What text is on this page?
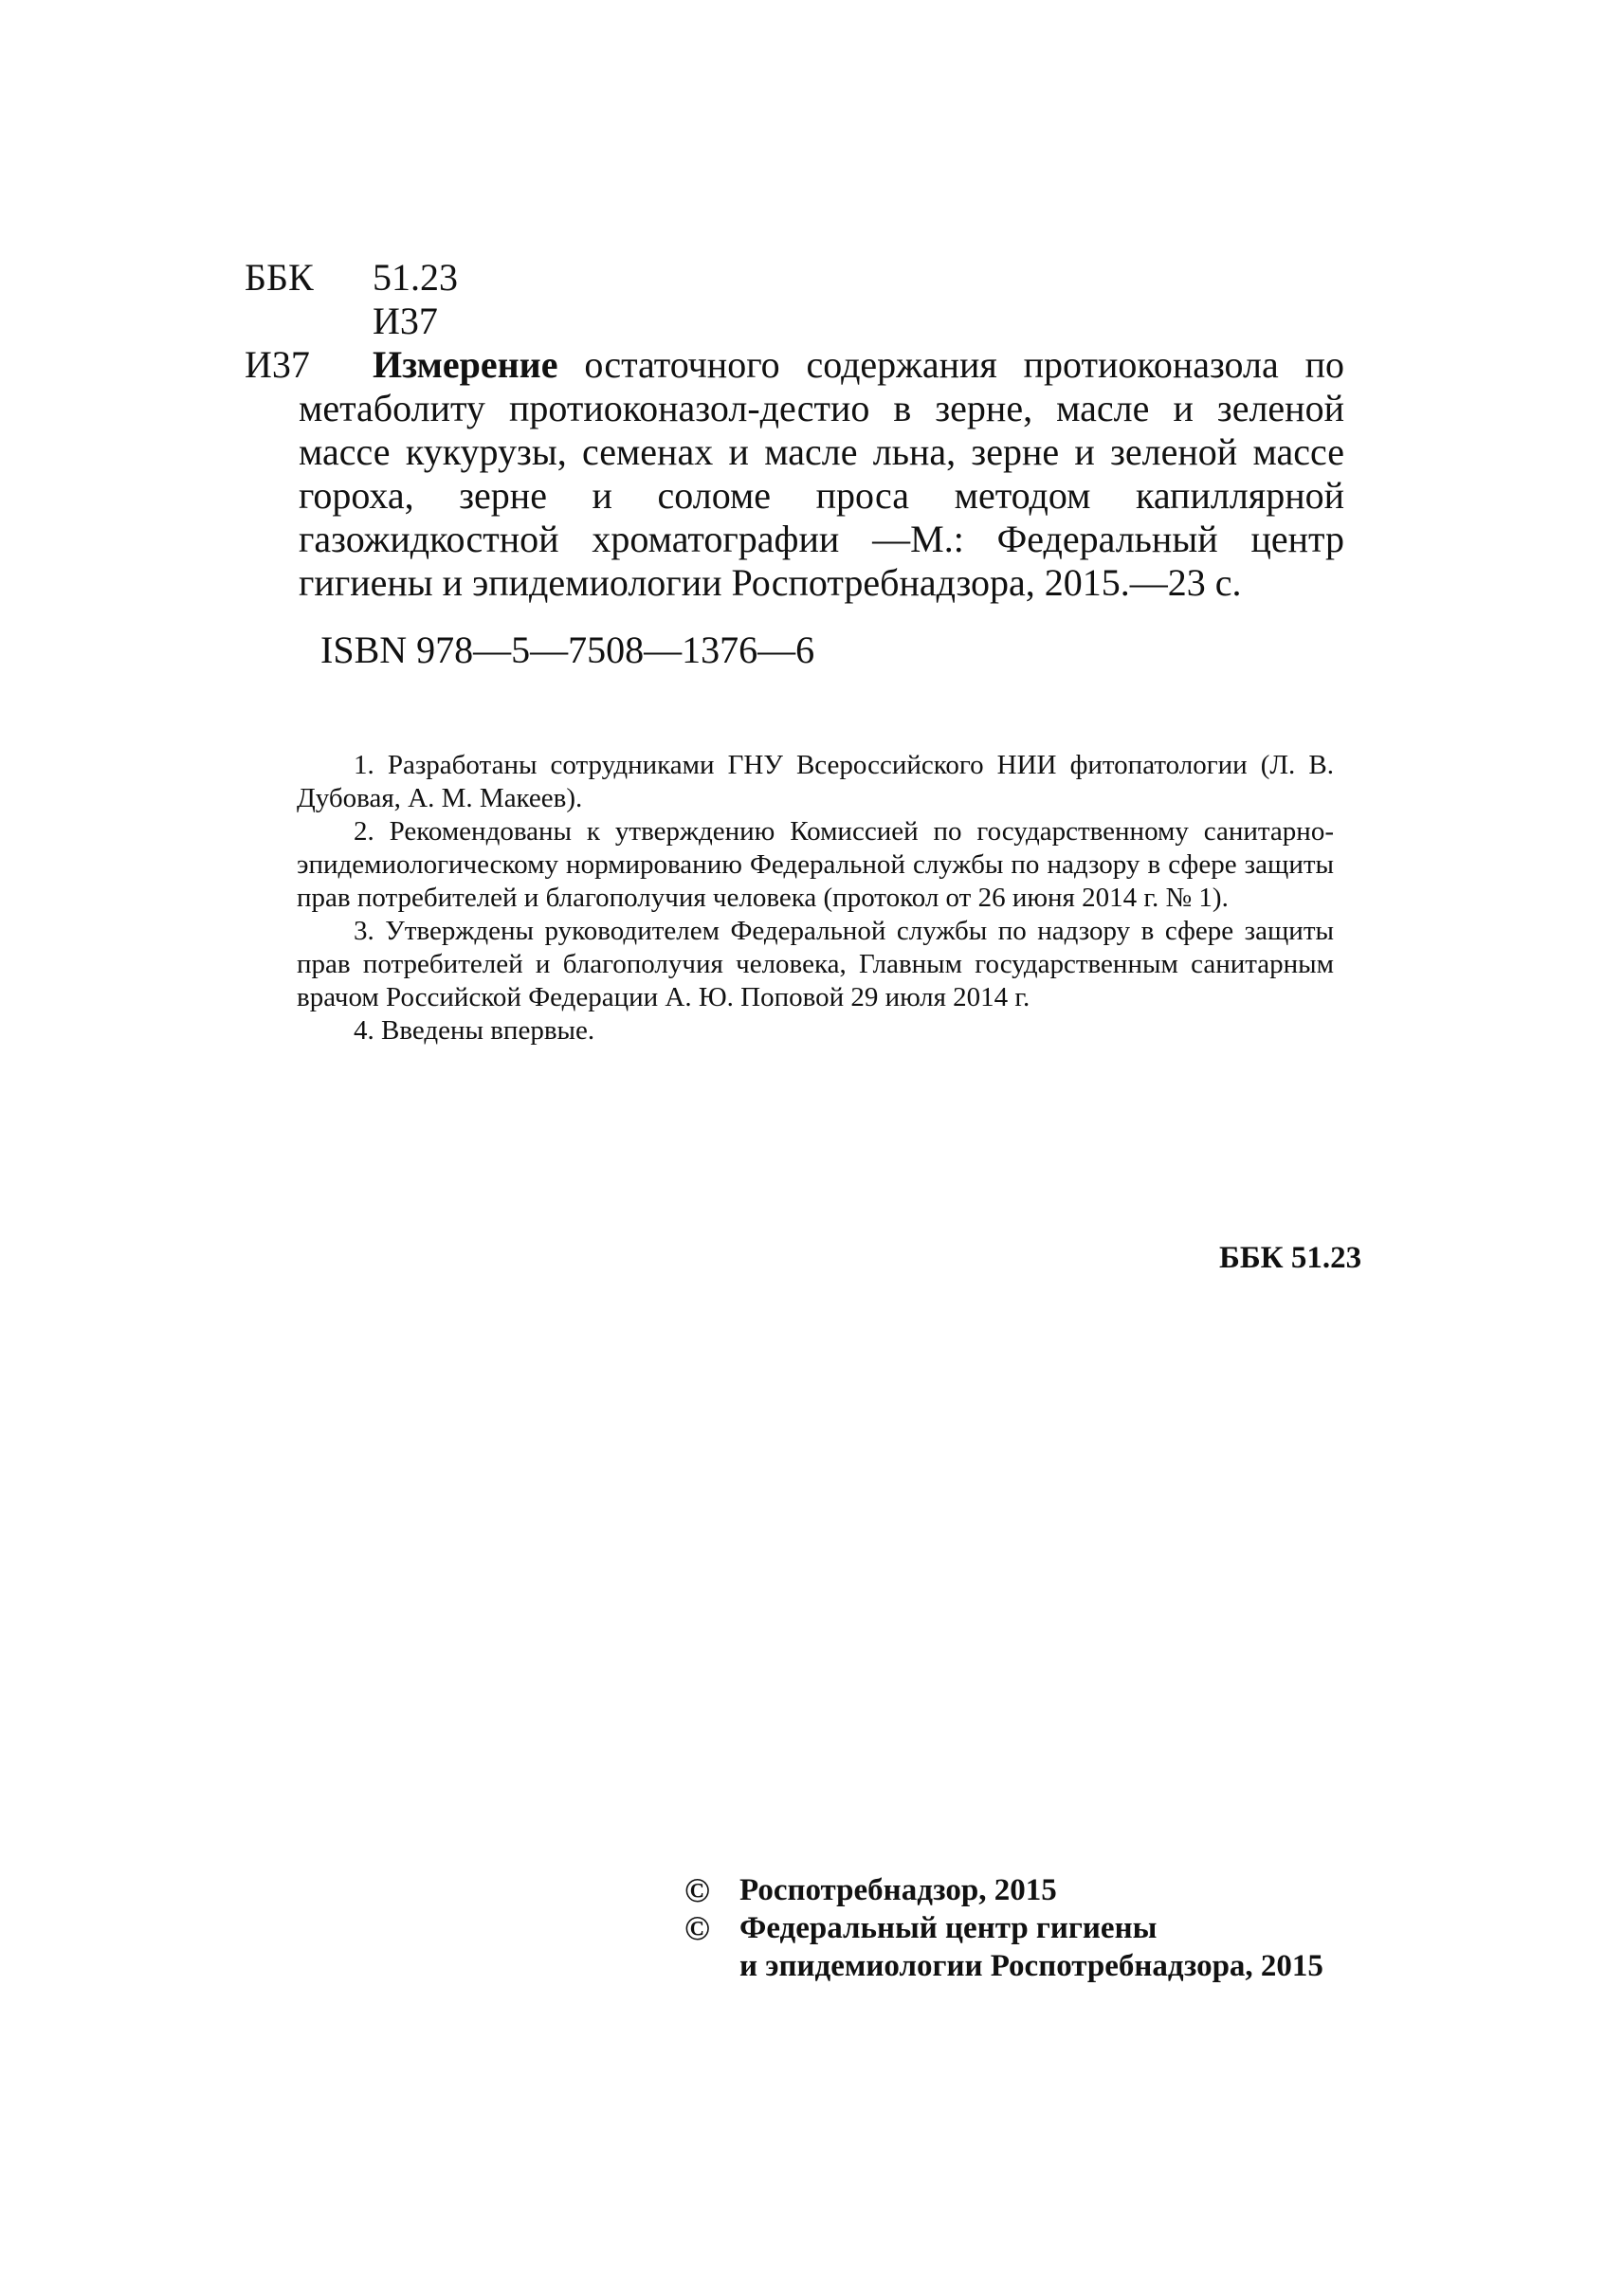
ББК 51.23
И37
И37	Измерение остаточного содержания протиоконазола по метаболиту протиоконазол-дестио в зерне, масле и зеленой массе кукурузы, семенах и масле льна, зерне и зеленой массе гороха, зерне и соломе проса методом капиллярной газожидкостной хроматографии —М.: Федеральный центр гигиены и эпидемиологии Роспотребнадзора, 2015.—23 с.
ISBN 978—5—7508—1376—6

1. Разработаны сотрудниками ГНУ Всероссийского НИИ фитопатологии (Л. В. Дубовая, А. М. Макеев).

2. Рекомендованы к утверждению Комиссией по государственному санитарно-эпидемиологическому нормированию Федеральной службы по надзору в сфере защиты прав потребителей и благополучия человека (протокол от 26 июня 2014 г. № 1).

3. Утверждены руководителем Федеральной службы по надзору в сфере защиты прав потребителей и благополучия человека, Главным государственным санитарным врачом Российской Федерации А. Ю. Поповой 29 июля 2014 г.

4. Введены впервые.

ББК 51.23
© Роспотребнадзор, 2015
© Федеральный центр гигиены
и эпидемиологии Роспотребнадзора, 2015
